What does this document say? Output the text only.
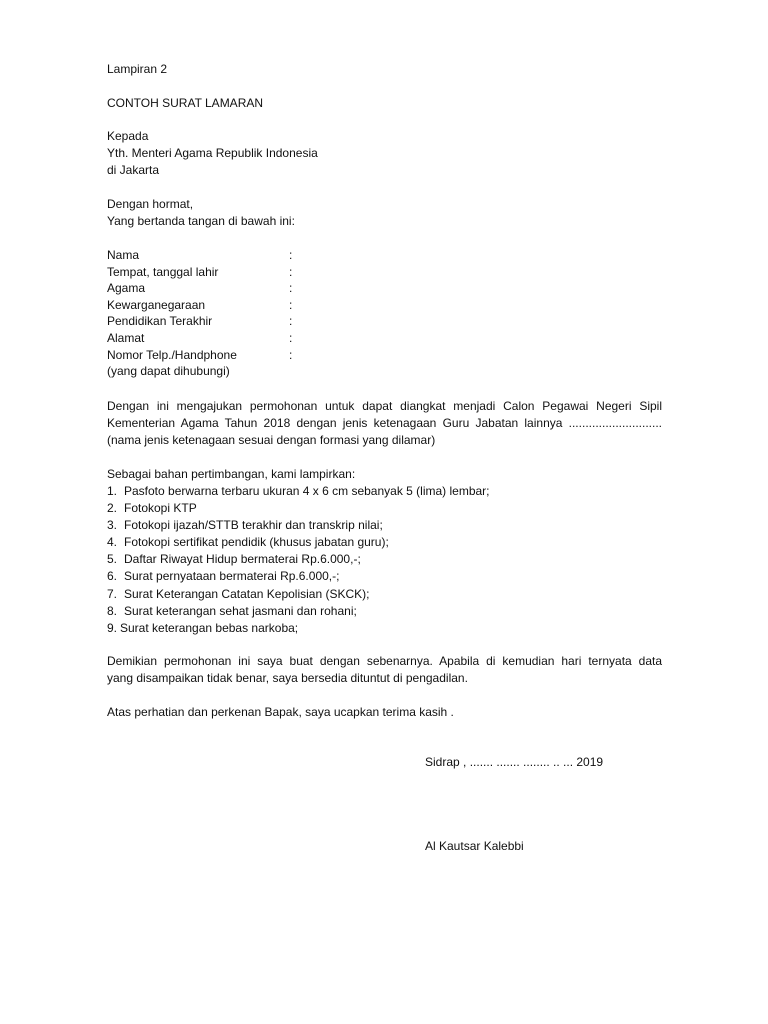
Lampiran 2

CONTOH SURAT LAMARAN

Kepada

Yth. Menteri Agama Republik Indonesia

di Jakarta

Dengan hormat,

Yang bertanda tangan di bawah ini:

Nama	:
Tempat, tanggal lahir	:
Agama	:
Kewarganegaraan	:
Pendidikan Terakhir	:
Alamat	:
Nomor Telp./Handphone	:
(yang dapat dihubungi)
Dengan ini mengajukan permohonan untuk dapat diangkat menjadi Calon Pegawai Negeri Sipil
Kementerian Agama Tahun 2018 dengan jenis ketenagaan Guru Jabatan lainnya ............................
(nama jenis ketenagaan sesuai dengan formasi yang dilamar)

Sebagai bahan pertimbangan, kami lampirkan:

1. Pasfoto berwarna terbaru ukuran 4 x 6 cm sebanyak 5 (lima) lembar;
2. Fotokopi KTP
3. Fotokopi ijazah/STTB terakhir dan transkrip nilai;
4. Fotokopi sertifikat pendidik (khusus jabatan guru);
5. Daftar Riwayat Hidup bermaterai Rp.6.000,-;
6. Surat pernyataan bermaterai Rp.6.000,-;
7. Surat Keterangan Catatan Kepolisian (SKCK);
8. Surat keterangan sehat jasmani dan rohani;
9. Surat keterangan bebas narkoba;
Demikian permohonan ini saya buat dengan sebenarnya. Apabila di kemudian hari ternyata data
yang disampaikan tidak benar, saya bersedia dituntut di pengadilan.

Atas perhatian dan perkenan Bapak, saya ucapkan terima kasih .

Sidrap , ....... ....... ........ .. ... 2019

Al Kautsar Kalebbi
